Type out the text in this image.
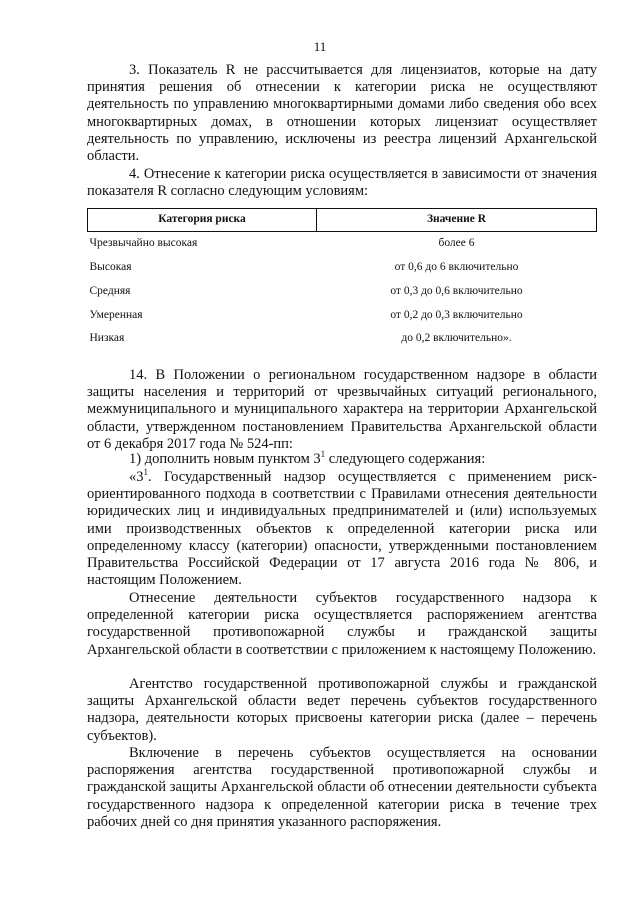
11

3. Показатель R не рассчитывается для лицензиатов, которые на дату принятия решения об отнесении к категории риска не осуществляют деятельность по управлению многоквартирными домами либо сведения обо всех многоквартирных домах, в отношении которых лицензиат осуществляет деятельность по управлению, исключены из реестра лицензий Архангельской области.

4. Отнесение к категории риска осуществляется в зависимости от значения показателя R согласно следующим условиям:

Категория риска	Значение R
Чрезвычайно высокая	более 6
Высокая	от 0,6 до 6 включительно
Средняя	от 0,3 до 0,6 включительно
Умеренная	от 0,2 до 0,3 включительно
Низкая	до 0,2 включительно».

14. В Положении о региональном государственном надзоре в области защиты населения и территорий от чрезвычайных ситуаций регионального, межмуниципального и муниципального характера на территории Архангельской области, утвержденном постановлением Правительства Архангельской области от 6 декабря 2017 года № 524-пп:

1) дополнить новым пунктом $3^1$ следующего содержания:

«$3^1$. Государственный надзор осуществляется с применением риск-ориентированного подхода в соответствии с Правилами отнесения деятельности юридических лиц и индивидуальных предпринимателей и (или) используемых ими производственных объектов к определенной категории риска или определенному классу (категории) опасности, утвержденными постановлением Правительства Российской Федерации от 17 августа 2016 года № 806, и настоящим Положением.

Отнесение деятельности субъектов государственного надзора к определенной категории риска осуществляется распоряжением агентства государственной противопожарной службы и гражданской защиты Архангельской области в соответствии с приложением к настоящему Положению.

Агентство государственной противопожарной службы и гражданской защиты Архангельской области ведет перечень субъектов государственного надзора, деятельности которых присвоены категории риска (далее – перечень субъектов).

Включение в перечень субъектов осуществляется на основании распоряжения агентства государственной противопожарной службы и гражданской защиты Архангельской области об отнесении деятельности субъекта государственного надзора к определенной категории риска в течение трех рабочих дней со дня принятия указанного распоряжения.
